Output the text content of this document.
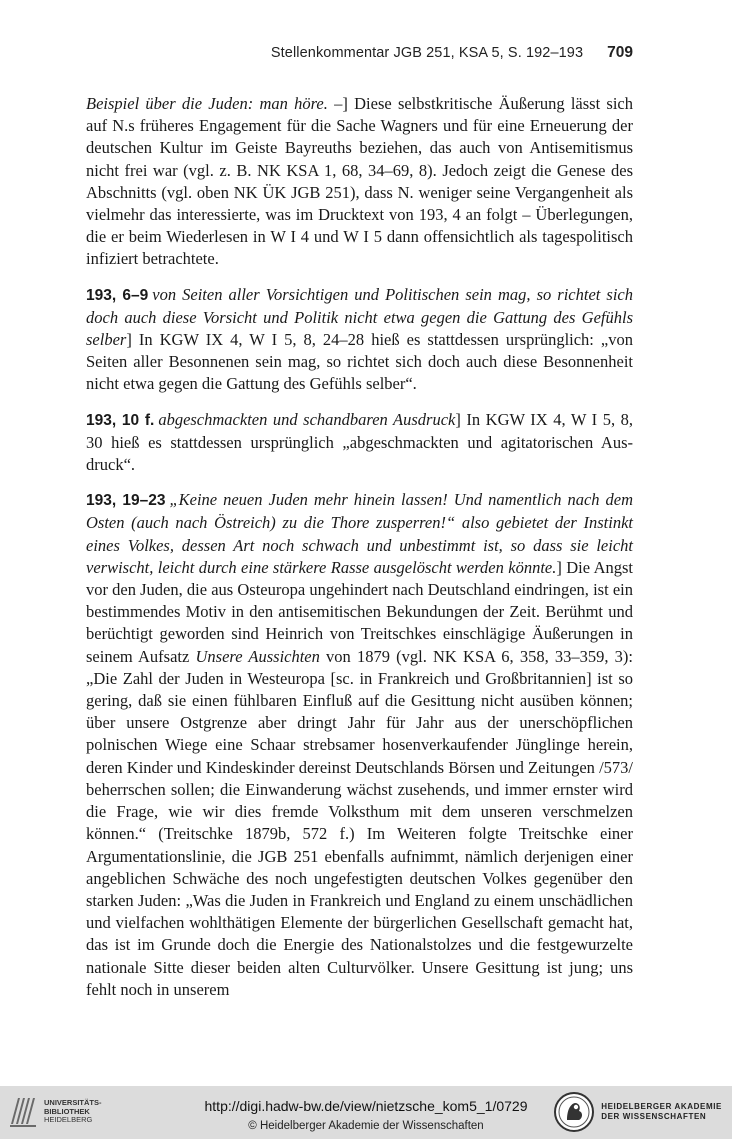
Stellenkommentar JGB 251, KSA 5, S. 192–193 709

Beispiel über die Juden: man höre. –] Diese selbstkritische Äußerung lässt sich auf N.s früheres Engagement für die Sache Wagners und für eine Erneuerung der deutschen Kultur im Geiste Bayreuths beziehen, das auch von Antisemitismus nicht frei war (vgl. z. B. NK KSA 1, 68, 34–69, 8). Jedoch zeigt die Genese des Abschnitts (vgl. oben NK ÜK JGB 251), dass N. weniger seine Vergangenheit als vielmehr das interessierte, was im Drucktext von 193, 4 an folgt – Überlegungen, die er beim Wiederlesen in W I 4 und W I 5 dann offensichtlich als tagespolitisch infiziert betrachtete.

193, 6–9 von Seiten aller Vorsichtigen und Politischen sein mag, so richtet sich doch auch diese Vorsicht und Politik nicht etwa gegen die Gattung des Gefühls selber] In KGW IX 4, W I 5, 8, 24–28 hieß es stattdessen ursprünglich: „von Seiten aller Besonnenen sein mag, so richtet sich doch auch diese Besonnenheit nicht etwa gegen die Gattung des Gefühls selber“.

193, 10 f. abgeschmackten und schandbaren Ausdruck] In KGW IX 4, W I 5, 8, 30 hieß es stattdessen ursprünglich „abgeschmackten und agitatorischen Ausdruck“.

193, 19–23 „Keine neuen Juden mehr hinein lassen! Und namentlich nach dem Osten (auch nach Östreich) zu die Thore zusperren!“ also gebietet der Instinkt eines Volkes, dessen Art noch schwach und unbestimmt ist, so dass sie leicht verwischt, leicht durch eine stärkere Rasse ausgelöscht werden könnte.] Die Angst vor den Juden, die aus Osteuropa ungehindert nach Deutschland eindringen, ist ein bestimmendes Motiv in den antisemitischen Bekundungen der Zeit. Berühmt und berüchtigt geworden sind Heinrich von Treitschkes einschlägige Äußerungen in seinem Aufsatz Unsere Aussichten von 1879 (vgl. NK KSA 6, 358, 33–359, 3): „Die Zahl der Juden in Westeuropa [sc. in Frankreich und Großbritannien] ist so gering, daß sie einen fühlbaren Einfluß auf die Gesittung nicht ausüben können; über unsere Ostgrenze aber dringt Jahr für Jahr aus der unerschöpflichen polnischen Wiege eine Schaar strebsamer hosenverkaufender Jünglinge herein, deren Kinder und Kindeskinder dereinst Deutschlands Börsen und Zeitungen /573/ beherrschen sollen; die Einwanderung wächst zusehends, und immer ernster wird die Frage, wie wir dies fremde Volksthum mit dem unseren verschmelzen können.“ (Treitschke 1879b, 572 f.) Im Weiteren folgte Treitschke einer Argumentationslinie, die JGB 251 ebenfalls aufnimmt, nämlich derjenigen einer angeblichen Schwäche des noch ungefestigten deutschen Volkes gegenüber den starken Juden: „Was die Juden in Frankreich und England zu einem unschädlichen und vielfachen wohlthätigen Elemente der bürgerlichen Gesellschaft gemacht hat, das ist im Grunde doch die Energie des Nationalstolzes und die festgewurzelte nationale Sitte dieser beiden alten Culturvölker. Unsere Gesittung ist jung; uns fehlt noch in unserem

UNIVERSITÄTS-
BIBLIOTHEK
HEIDELBERG
http://digi.hadw-bw.de/view/nietzsche_kom5_1/0729
© Heidelberger Akademie der Wissenschaften
HEIDELBERGER AKADEMIE
DER WISSENSCHAFTEN
